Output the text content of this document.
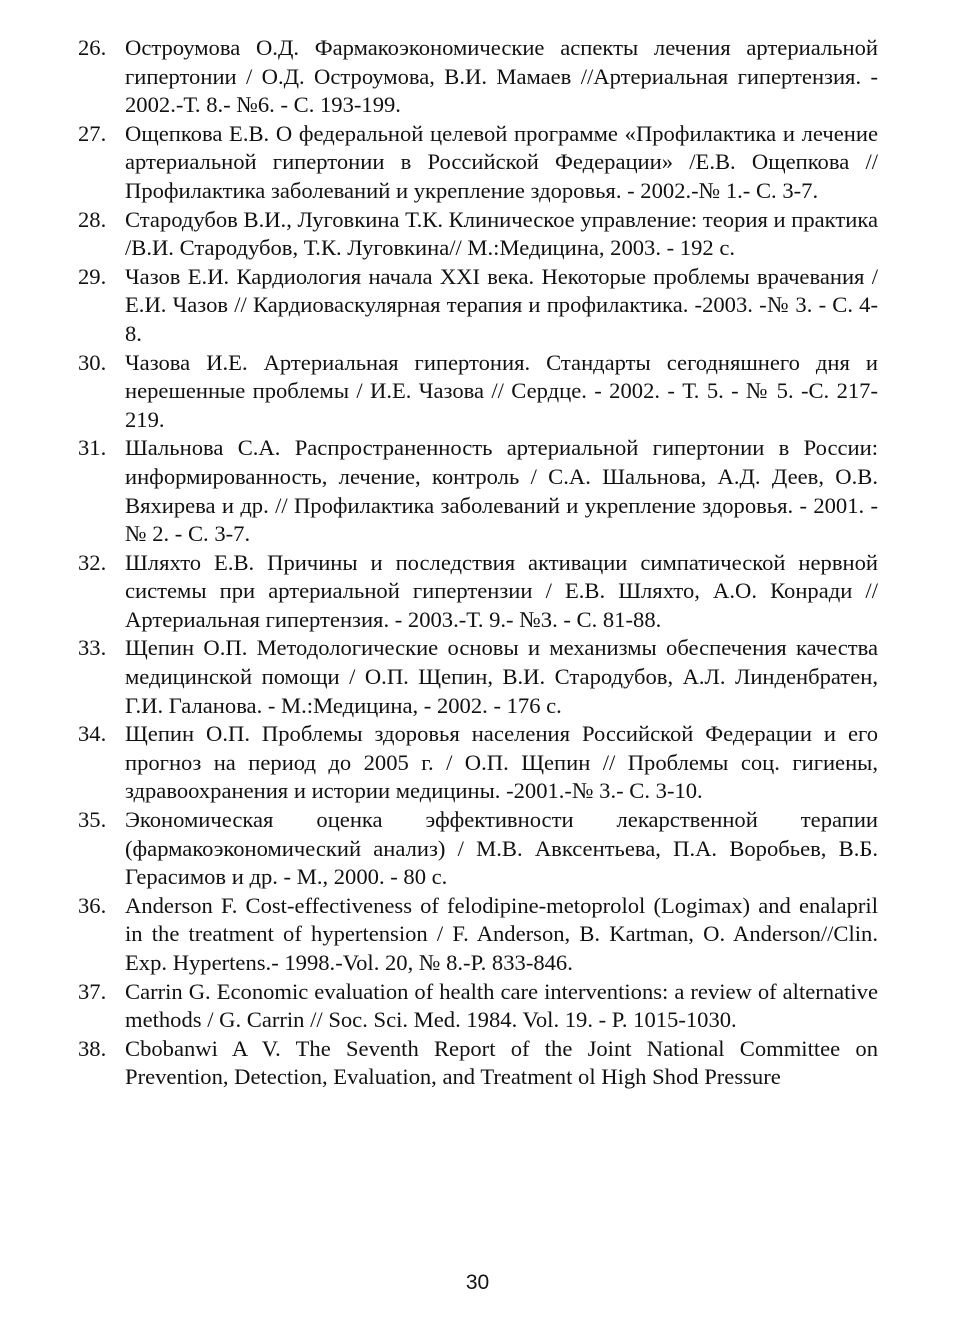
26. Остроумова О.Д. Фармакоэкономические аспекты лечения артериальной гипертонии / О.Д. Остроумова, В.И. Мамаев //Артериальная гипертензия. - 2002.-Т. 8.- №6. - С. 193-199.
27. Ощепкова Е.В. О федеральной целевой программе «Профилактика и лечение артериальной гипертонии в Российской Федерации» /Е.В. Ощепкова // Профилактика заболеваний и укрепление здоровья. - 2002.-№ 1.- С. 3-7.
28. Стародубов В.И., Луговкина Т.К. Клиническое управление: теория и практика /В.И. Стародубов, Т.К. Луговкина// М.:Медицина, 2003. - 192 с.
29. Чазов Е.И. Кардиология начала XXI века. Некоторые проблемы врачевания / Е.И. Чазов // Кардиоваскулярная терапия и профилактика. -2003. -№ 3. - С. 4-8.
30. Чазова И.Е. Артериальная гипертония. Стандарты сегодняшнего дня и нерешенные проблемы / И.Е. Чазова // Сердце. - 2002. - Т. 5. - № 5. -С. 217-219.
31. Шальнова С.А. Распространенность артериальной гипертонии в России: информированность, лечение, контроль / С.А. Шальнова, А.Д. Деев, О.В. Вяхирева и др. // Профилактика заболеваний и укрепление здоровья. - 2001. - № 2. - С. 3-7.
32. Шляхто Е.В. Причины и последствия активации симпатической нервной системы при артериальной гипертензии / Е.В. Шляхто, А.О. Конради // Артериальная гипертензия. - 2003.-Т. 9.- №3. - С. 81-88.
33. Щепин О.П. Методологические основы и механизмы обеспечения качества медицинской помощи / О.П. Щепин, В.И. Стародубов, А.Л. Линденбратен, Г.И. Галанова. - М.:Медицина, - 2002. - 176 с.
34. Щепин О.П. Проблемы здоровья населения Российской Федерации и его прогноз на период до 2005 г. / О.П. Щепин // Проблемы соц. гигиены, здравоохранения и истории медицины. -2001.-№ 3.- С. 3-10.
35. Экономическая оценка эффективности лекарственной терапии (фармакоэкономический анализ) / М.В. Авксентьева, П.А. Воробьев, В.Б. Герасимов и др. - М., 2000. - 80 с.
36. Anderson F. Cost-effectiveness of felodipine-metoprolol (Logimax) and enalapril in the treatment of hypertension / F. Anderson, B. Kartman, O. Anderson//Clin. Exp. Hypertens.- 1998.-Vol. 20, № 8.-P. 833-846.
37. Carrin G. Economic evaluation of health care interventions: a review of alternative methods / G. Carrin // Soc. Sci. Med. 1984. Vol. 19. - P. 1015-1030.
38. Cbobanwi A V. The Seventh Report of the Joint National Committee on Prevention, Detection, Evaluation, and Treatment ol High Shod Pressure
30
